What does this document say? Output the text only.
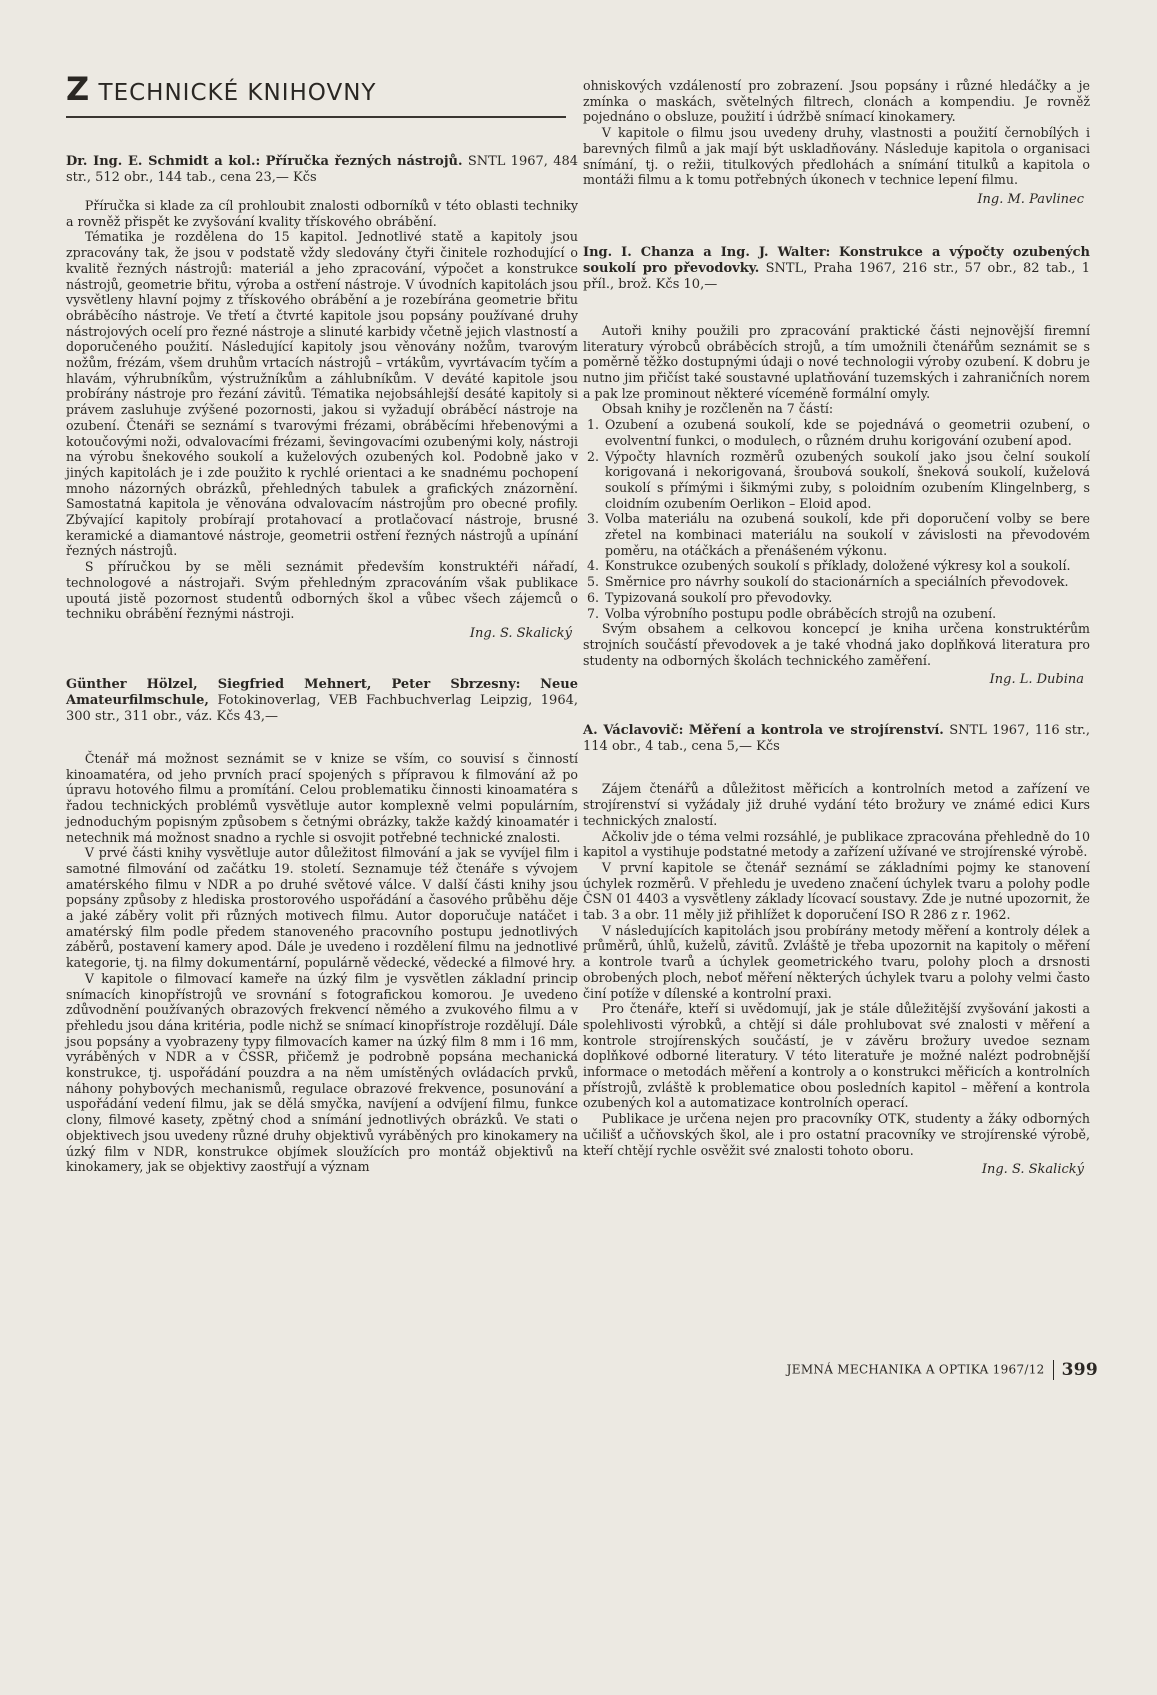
Z TECHNICKÉ KNIHOVNY

Dr. Ing. E. Schmidt a kol.: Příručka řezných nástrojů. SNTL 1967, 484 str., 512 obr., 144 tab., cena 23,— Kčs

Příručka si klade za cíl prohloubit znalosti odborníků v této oblasti techniky a rovněž přispět ke zvyšování kvality třískového obrábění.

Tématika je rozdělena do 15 kapitol. Jednotlivé statě a kapitoly jsou zpracovány tak, že jsou v podstatě vždy sledovány čtyři činitele rozhodující o kvalitě řezných nástrojů: materiál a jeho zpracování, výpočet a konstrukce nástrojů, geometrie břitu, výroba a ostření nástroje. V úvodních kapitolách jsou vysvětleny hlavní pojmy z třískového obrábění a je rozebírána geometrie břitu obráběcího nástroje. Ve třetí a čtvrté kapitole jsou popsány používané druhy nástrojových ocelí pro řezné nástroje a slinuté karbidy včetně jejich vlastností a doporučeného použití. Následující kapitoly jsou věnovány nožům, tvarovým nožům, frézám, všem druhům vrtacích nástrojů – vrtákům, vyvrtávacím tyčím a hlavám, výhrubníkům, výstružníkům a záhlubníkům. V deváté kapitole jsou probírány nástroje pro řezání závitů. Tématika nejobsáhlejší desáté kapitoly si právem zasluhuje zvýšené pozornosti, jakou si vyžadují obráběcí nástroje na ozubení. Čtenáři se seznámí s tvarovými frézami, obráběcími hřebenovými a kotoučovými noži, odvalovacími frézami, ševingovacími ozubenými koly, nástroji na výrobu šnekového soukolí a kuželových ozubených kol. Podobně jako v jiných kapitolách je i zde použito k rychlé orientaci a ke snadnému pochopení mnoho názorných obrázků, přehledných tabulek a grafických znázornění. Samostatná kapitola je věnována odvalovacím nástrojům pro obecné profily. Zbývající kapitoly probírají protahovací a protlačovací nástroje, brusné keramické a diamantové nástroje, geometrii ostření řezných nástrojů a upínání řezných nástrojů.

S příručkou by se měli seznámit především konstruktéři nářadí, technologové a nástrojaři. Svým přehledným zpracováním však publikace upoutá jistě pozornost studentů odborných škol a vůbec všech zájemců o techniku obrábění řeznými nástroji.

Ing. S. Skalický

Günther Hölzel, Siegfried Mehnert, Peter Sbrzesny: Neue Amateurfilmschule, Fotokinoverlag, VEB Fachbuchverlag Leipzig, 1964, 300 str., 311 obr., váz. Kčs 43,—

Čtenář má možnost seznámit se v knize se vším, co souvisí s činností kinoamatéra, od jeho prvních prací spojených s přípravou k filmování až po úpravu hotového filmu a promítání. Celou problematiku činnosti kinoamatéra s řadou technických problémů vysvětluje autor komplexně velmi populárním, jednoduchým popisným způsobem s četnými obrázky, takže každý kinoamatér i netechnik má možnost snadno a rychle si osvojit potřebné technické znalosti.

V prvé části knihy vysvětluje autor důležitost filmování a jak se vyvíjel film i samotné filmování od začátku 19. století. Seznamuje též čtenáře s vývojem amatérského filmu v NDR a po druhé světové válce. V další části knihy jsou popsány způsoby z hlediska prostorového uspořádání a časového průběhu děje a jaké záběry volit při různých motivech filmu. Autor doporučuje natáčet i amatérský film podle předem stanoveného pracovního postupu jednotlivých záběrů, postavení kamery apod. Dále je uvedeno i rozdělení filmu na jednotlivé kategorie, tj. na filmy dokumentární, populárně vědecké, vědecké a filmové hry.

V kapitole o filmovací kameře na úzký film je vysvětlen základní princip snímacích kinopřístrojů ve srovnání s fotografickou komorou. Je uvedeno zdůvodnění používaných obrazových frekvencí němého a zvukového filmu a v přehledu jsou dána kritéria, podle nichž se snímací kinopřístroje rozdělují. Dále jsou popsány a vyobrazeny typy filmovacích kamer na úzký film 8 mm i 16 mm, vyráběných v NDR a v ČSSR, přičemž je podrobně popsána mechanická konstrukce, tj. uspořádání pouzdra a na něm umístěných ovládacích prvků, náhony pohybových mechanismů, regulace obrazové frekvence, posunování a uspořádání vedení filmu, jak se dělá smyčka, navíjení a odvíjení filmu, funkce clony, filmové kasety, zpětný chod a snímání jednotlivých obrázků. Ve stati o objektivech jsou uvedeny různé druhy objektivů vyráběných pro kinokamery na úzký film v NDR, konstrukce objímek sloužících pro montáž objektivů na kinokamery, jak se objektivy zaostřují a význam

ohniskových vzdáleností pro zobrazení. Jsou popsány i různé hledáčky a je zmínka o maskách, světelných filtrech, clonách a kompendiu. Je rovněž pojednáno o obsluze, použití i údržbě snímací kinokamery.

V kapitole o filmu jsou uvedeny druhy, vlastnosti a použití černobílých i barevných filmů a jak mají být uskladňovány. Následuje kapitola o organisaci snímání, tj. o režii, titulkových předlohách a snímání titulků a kapitola o montáži filmu a k tomu potřebných úkonech v technice lepení filmu.

Ing. M. Pavlinec

Ing. I. Chanza a Ing. J. Walter: Konstrukce a výpočty ozubených soukolí pro převodovky. SNTL, Praha 1967, 216 str., 57 obr., 82 tab., 1 příl., brož. Kčs 10,—

Autoři knihy použili pro zpracování praktické části nejnovější firemní literatury výrobců obráběcích strojů, a tím umožnili čtenářům seznámit se s poměrně těžko dostupnými údaji o nové technologii výroby ozubení. K dobru je nutno jim přičíst také soustavné uplatňování tuzemských i zahraničních norem a pak lze prominout některé víceméně formální omyly.

Obsah knihy je rozčleněn na 7 částí:

1. Ozubení a ozubená soukolí, kde se pojednává o geometrii ozubení, o evolventní funkci, o modulech, o různém druhu korigování ozubení apod.
2. Výpočty hlavních rozměrů ozubených soukolí jako jsou čelní soukolí korigovaná i nekorigovaná, šroubová soukolí, šneková soukolí, kuželová soukolí s přímými i šikmými zuby, s poloidním ozubením Klingelnberg, s cloidním ozubením Oerlikon – Eloid apod.
3. Volba materiálu na ozubená soukolí, kde při doporučení volby se bere zřetel na kombinaci materiálu na soukolí v závislosti na převodovém poměru, na otáčkách a přenášeném výkonu.
4. Konstrukce ozubených soukolí s příklady, doložené výkresy kol a soukolí.
5. Směrnice pro návrhy soukolí do stacionárních a speciálních převodovek.
6. Typizovaná soukolí pro převodovky.
7. Volba výrobního postupu podle obráběcích strojů na ozubení.

Svým obsahem a celkovou koncepcí je kniha určena konstruktérům strojních součástí převodovek a je také vhodná jako doplňková literatura pro studenty na odborných školách technického zaměření.

Ing. L. Dubina

A. Václavovič: Měření a kontrola ve strojírenství. SNTL 1967, 116 str., 114 obr., 4 tab., cena 5,— Kčs

Zájem čtenářů a důležitost měřicích a kontrolních metod a zařízení ve strojírenství si vyžádaly již druhé vydání této brožury ve známé edici Kurs technických znalostí.

Ačkoliv jde o téma velmi rozsáhlé, je publikace zpracována přehledně do 10 kapitol a vystihuje podstatné metody a zařízení užívané ve strojírenské výrobě.

V první kapitole se čtenář seznámí se základními pojmy ke stanovení úchylek rozměrů. V přehledu je uvedeno značení úchylek tvaru a polohy podle ČSN 01 4403 a vysvětleny základy lícovací soustavy. Zde je nutné upozornit, že tab. 3 a obr. 11 měly již přihlížet k doporučení ISO R 286 z r. 1962.

V následujících kapitolách jsou probírány metody měření a kontroly délek a průměrů, úhlů, kuželů, závitů. Zvláště je třeba upozornit na kapitoly o měření a kontrole tvarů a úchylek geometrického tvaru, polohy ploch a drsnosti obrobených ploch, neboť měření některých úchylek tvaru a polohy velmi často činí potíže v dílenské a kontrolní praxi.

Pro čtenáře, kteří si uvědomují, jak je stále důležitější zvyšování jakosti a spolehlivosti výrobků, a chtějí si dále prohlubovat své znalosti v měření a kontrole strojírenských součástí, je v závěru brožury uvedoe seznam doplňkové odborné literatury. V této literatuře je možné nalézt podrobnější informace o metodách měření a kontroly a o konstrukci měřicích a kontrolních přístrojů, zvláště k problematice obou posledních kapitol – měření a kontrola ozubených kol a automatizace kontrolních operací.

Publikace je určena nejen pro pracovníky OTK, studenty a žáky odborných učilišť a učňovských škol, ale i pro ostatní pracovníky ve strojírenské výrobě, kteří chtějí rychle osvěžit své znalosti tohoto oboru.

Ing. S. Skalický
JEMNÁ MECHANIKA A OPTIKA 1967/12 399
